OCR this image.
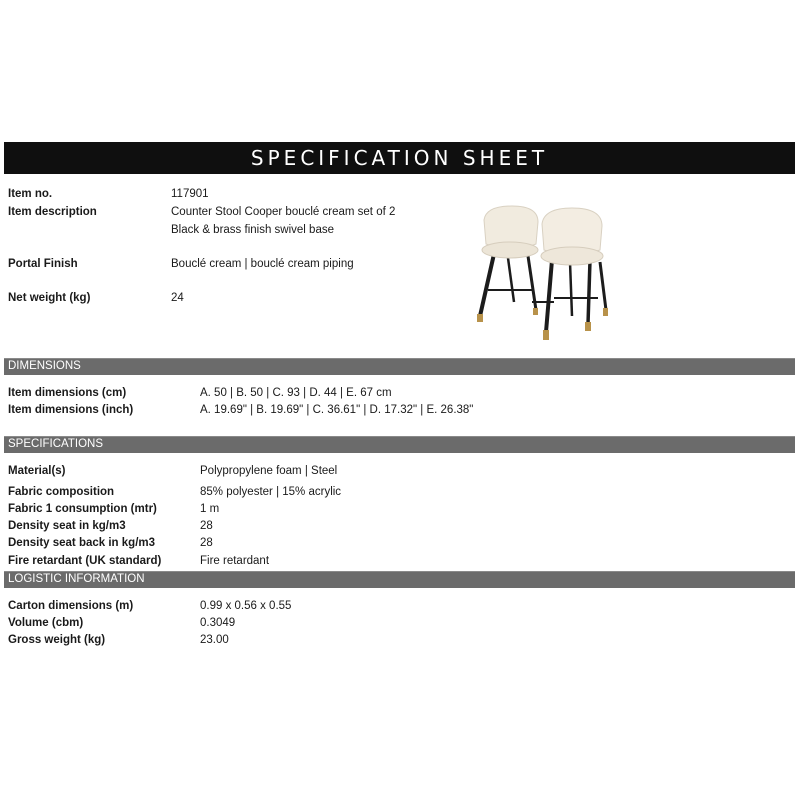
SPECIFICATION SHEET
Item no.	117901
Item description	Counter Stool Cooper bouclé cream set of 2
Black & brass finish swivel base
Portal Finish	Bouclé cream | bouclé cream piping
Net weight (kg)	24
DIMENSIONS
Item dimensions (cm)	A. 50 | B. 50 | C. 93 | D. 44 | E. 67 cm
Item dimensions (inch)	A. 19.69" | B. 19.69" | C. 36.61" | D. 17.32" | E. 26.38"
SPECIFICATIONS
Material(s)	Polypropylene foam | Steel
Fabric composition	85% polyester | 15% acrylic
Fabric 1 consumption (mtr)	1 m
Density seat in kg/m3	28
Density seat back in kg/m3	28
Fire retardant (UK standard)	Fire retardant
LOGISTIC INFORMATION
Carton dimensions (m)	0.99 x 0.56 x 0.55
Volume (cbm)	0.3049
Gross weight (kg)	23.00
